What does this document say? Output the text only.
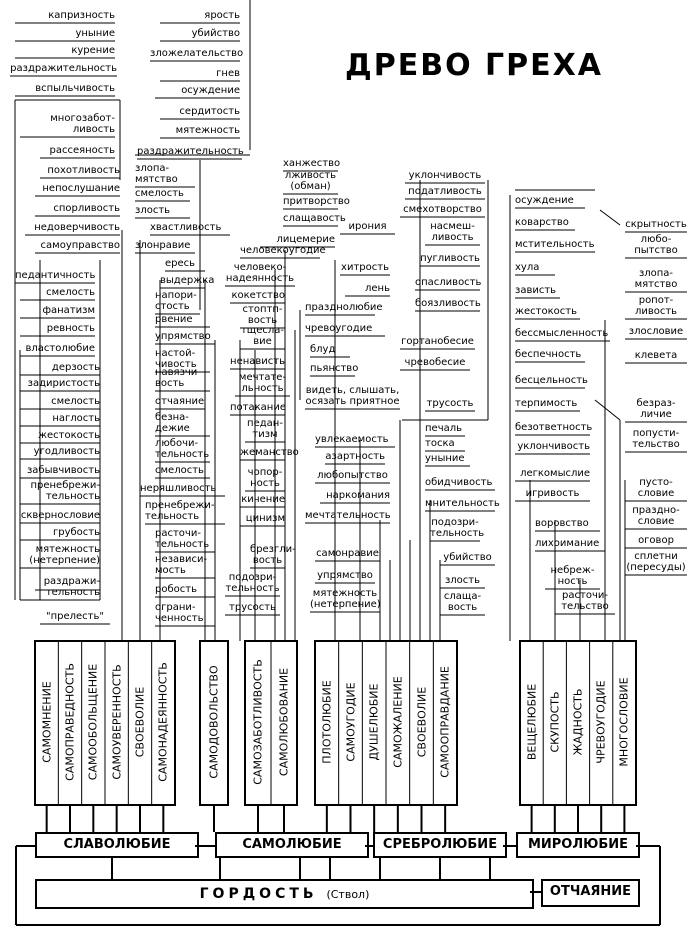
ДРЕВО ГРЕХА
ГОРДОСТЬ (Ствол)	ОТЧАЯНИЕ
СЛАВОЛЮБИЕ	САМОЛЮБИЕ	СРЕБРОЛЮБИЕ	МИРОЛЮБИЕ
САМОМНЕНИЕ САМОПРАВЕДНОСТЬ САМООБОЛЬЩЕНИЕ САМОУВЕРЕННОСТЬ СВОЕВОЛИЕ САМОНАДЕЯННОСТЬ	САМОДОВОЛЬСТВО	САМОЗАБОТЛИВОСТЬ САМОЛЮБОВАНИЕ	ПЛОТОЛЮБИЕ САМОУГОДИЕ ДУШЕЛЮБИЕ САМОЖАЛЕНИЕ СВОЕВОЛИЕ САМООПРАВДАНИЕ	ВЕЩЕЛЮБИЕ СКУПОСТЬ ЖАДНОСТЬ ЧРЕВОУГОДИЕ МНОГОСЛОВИЕ
капризность
уныние
курение
раздражительность
вспыльчивость
многозабот-
ливость
рассеяность
похотливость
непослушание
спорливость
недоверчивость
самоуправство
педантичность
смелость
фанатизм
ревность
властолюбие
дерзость
задиристость
смелость
наглость
жестокость
угодливость
забывчивость
пренебрежи-
тельность
сквернословие
грубость
мятежность
(нетерпение)
раздражи-
тельность
"прелесть"
ярость
убийство
зложелательство
гнев
осуждение
сердитость
мятежность
раздражительность
злопа-
мятство
смелость
злость
хвастливость
злонравие
ересь
выдержка
напори-
стость
рвение
упрямство
настой-
чивость
навязчи-
вость
отчаяние
безна-
дежие
любочи-
тельность
смелость
неряшливость
пренебрежи-
тельность
расточи-
тельность
независи-
мость
робость
ограни-
ченность
ханжество
лживость
(обман)
притворство
слащавость
лицемерие
человекоугодие
человеко-
надеянность
кокетство
стоптп-
вость
тщесла-
вие
ненависть
мечтате-
льность
потакание
педан-
тизм
жеманство
чопор-
ность
кичение
цинизм
брезгли-
вость
подозри-
тельность
трусость
уклончивость
податливость
смехотворство
ирония	насмеш-
ливость
пугливость
хитрость
лень
празднолюбие
опасливость
боязливость
чревоугодие
блуд
пьянство
гортанобесие
чревобесие
видеть, слышать,
осязать приятное	трусость
печаль
тоска
уныние
обидчивость
мнительность
подозри-
тельность
увлекаемость
азартность
любопытство
наркомания
мечтательность
самонравие
упрямство
мятежность
(нетерпение)
убийство
злость
слаща-
вость
осуждение
коварство
мстительность
хула
зависть
жестокость
бессмысленность
беспечность
бесцельность
терпимость
безответность
уклончивость
легкомыслие
игривость
скрытность
любо-
пытство
злопа-
мятство
ропот-
ливость
злословие
клевета
безраз-
личие
попусти-
тельство
пусто-
словие
праздно-
словие
оговор
сплетни
(пересуды)
воровство
лихоимание
небреж-
ность
расточи-
тельство
